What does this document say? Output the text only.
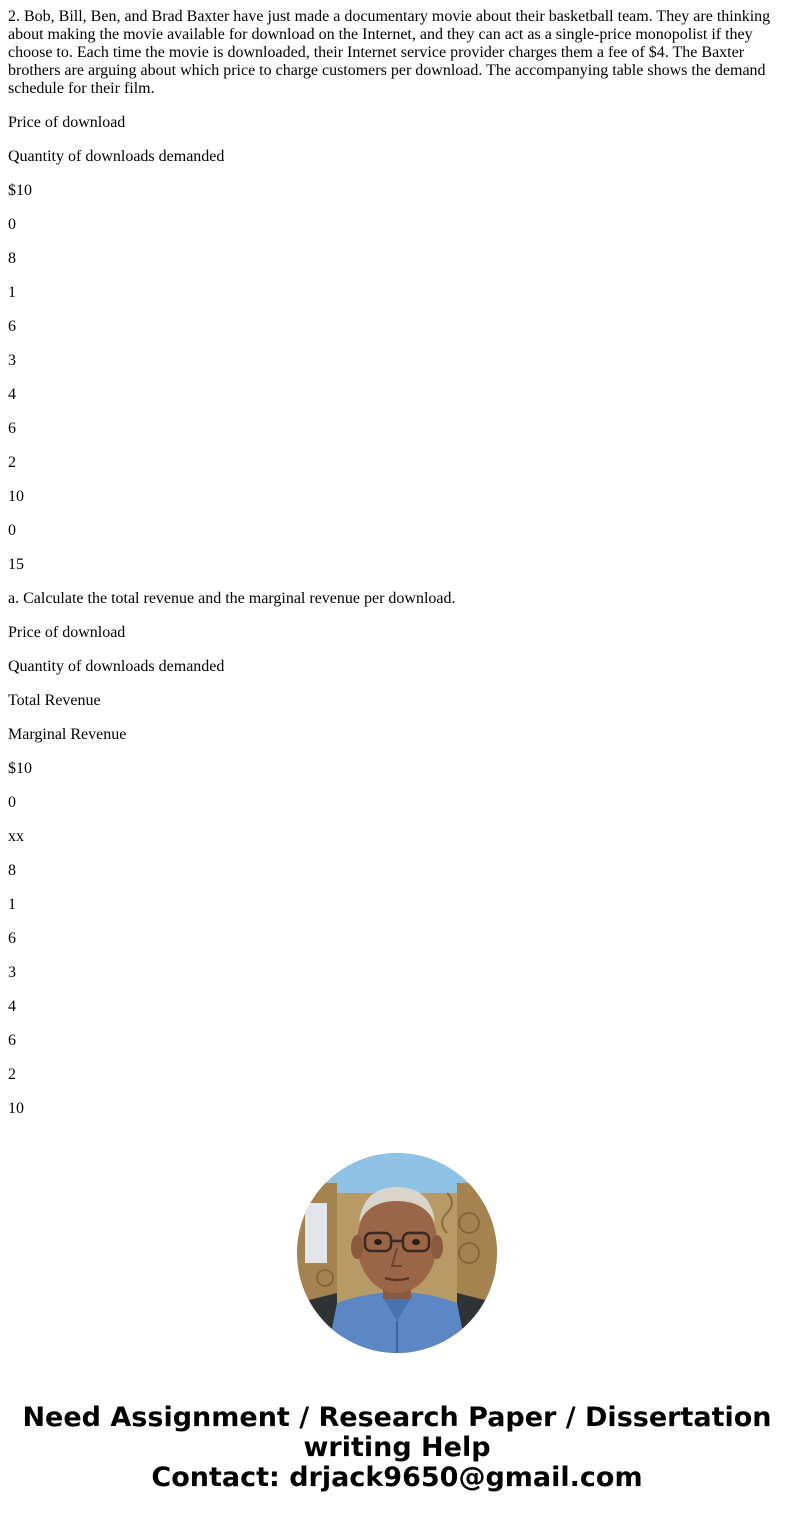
2. Bob, Bill, Ben, and Brad Baxter have just made a documentary movie about their basketball team. They are thinking about making the movie available for download on the Internet, and they can act as a single-price monopolist if they choose to. Each time the movie is downloaded, their Internet service provider charges them a fee of $4. The Baxter brothers are arguing about which price to charge customers per download. The accompanying table shows the demand schedule for their film.

Price of download

Quantity of downloads demanded

$10

0

8

1

6

3

4

6

2

10

0

15

a. Calculate the total revenue and the marginal revenue per download.

Price of download

Quantity of downloads demanded

Total Revenue

Marginal Revenue

$10

0

xx

8

1

6

3

4

6

2

10

Need Assignment / Research Paper / Dissertation
writing Help
Contact: drjack9650@gmail.com
